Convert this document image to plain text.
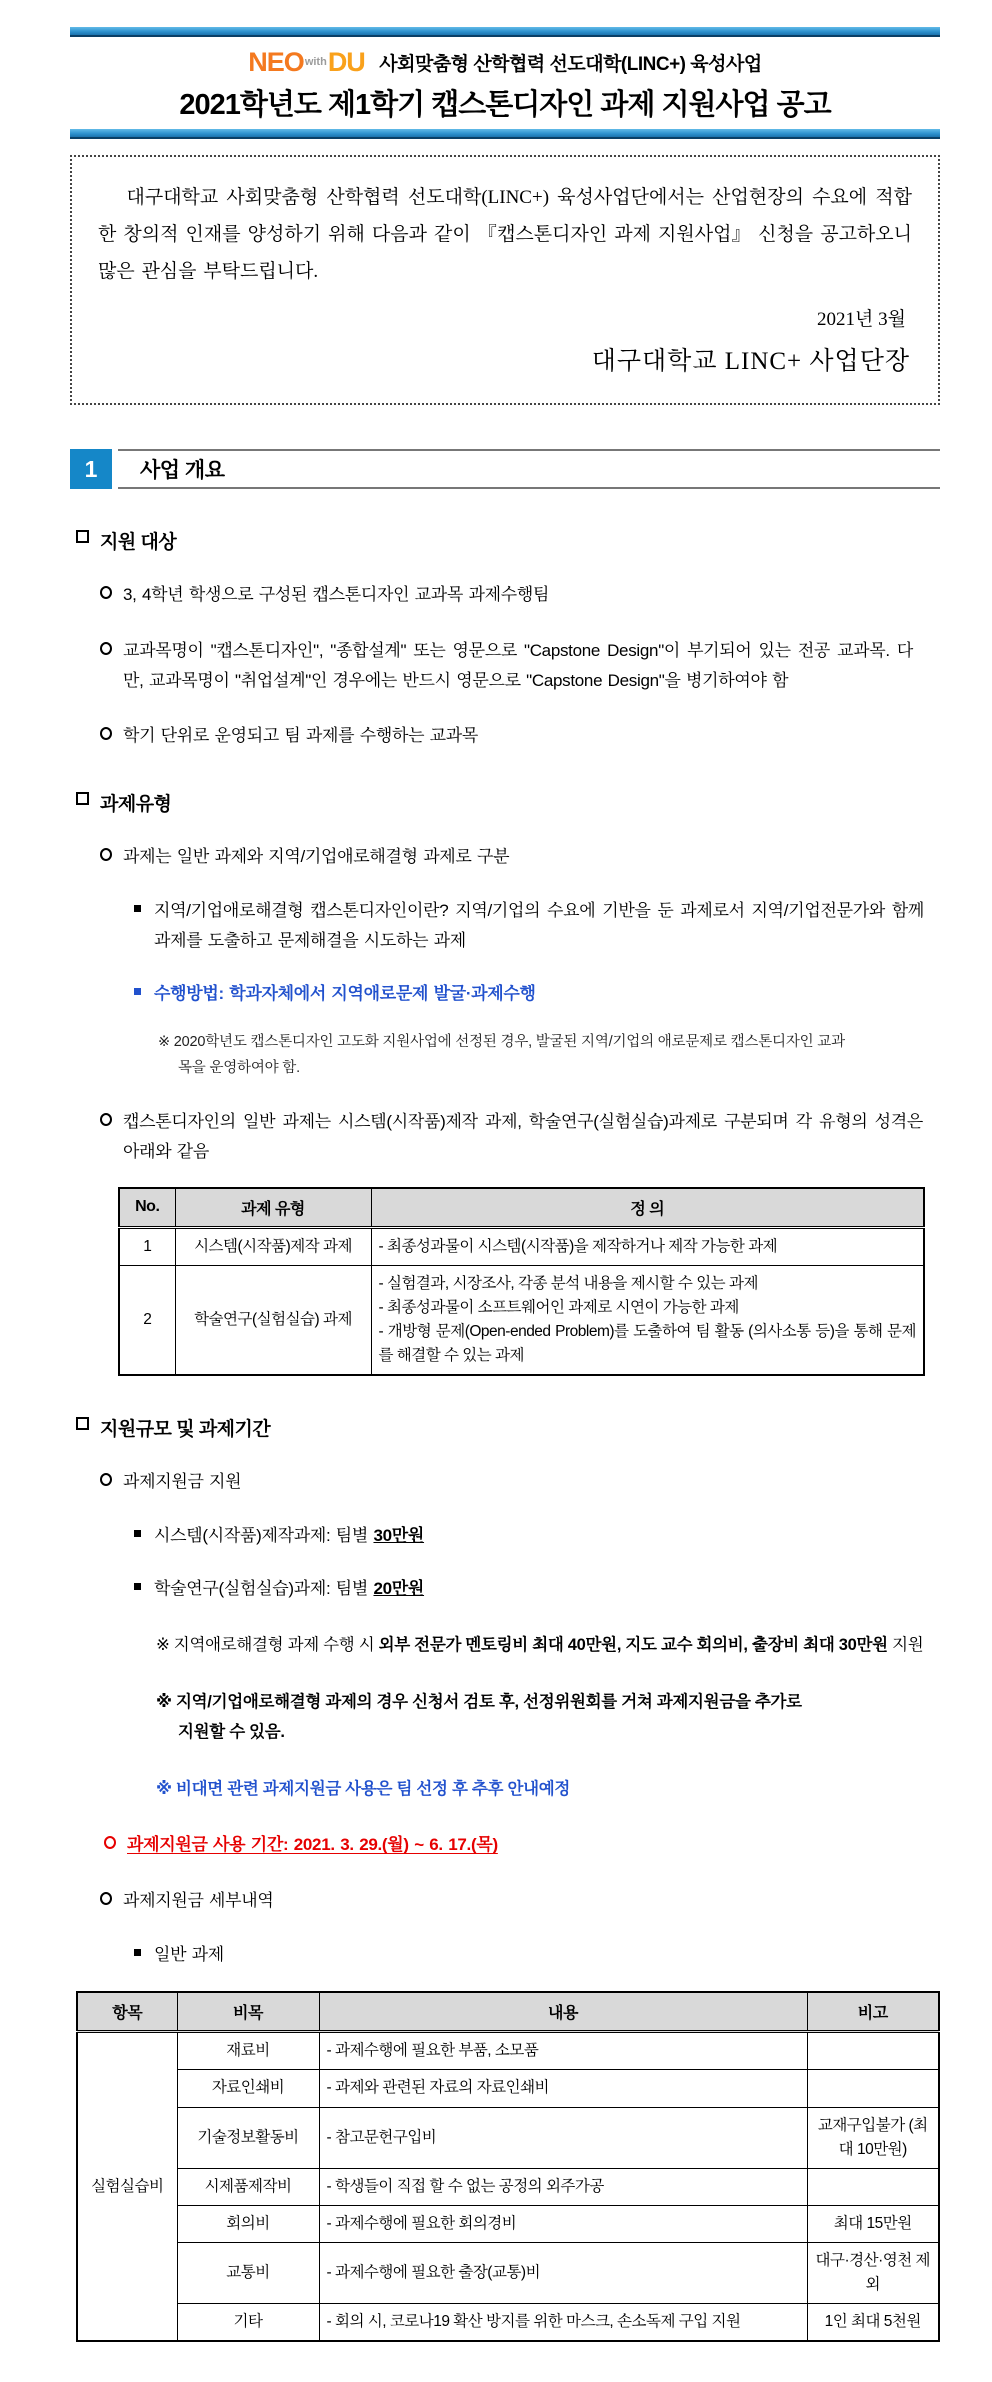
$NEO^{with}DU$ 사회맞춤형 산학협력 선도대학(LINC+) 육성사업
2021학년도 제1학기 캡스톤디자인 과제 지원사업 공고
대구대학교 사회맞춤형 산학협력 선도대학(LINC+) 육성사업단에서는 산업현장의 수요에 적합한 창의적 인재를 양성하기 위해 다음과 같이 『캡스톤디자인 과제 지원사업』 신청을 공고하오니 많은 관심을 부탁드립니다.
2021년 3월
대구대학교 LINC+ 사업단장
1	사업 개요
지원 대상
3, 4학년 학생으로 구성된 캡스톤디자인 교과목 과제수행팀
교과목명이 "캡스톤디자인", "종합설계" 또는 영문으로 "Capstone Design"이 부기되어 있는 전공 교과목. 다만, 교과목명이 "취업설계"인 경우에는 반드시 영문으로 "Capstone Design"을 병기하여야 함
학기 단위로 운영되고 팀 과제를 수행하는 교과목
과제유형
과제는 일반 과제와 지역/기업애로해결형 과제로 구분
지역/기업애로해결형 캡스톤디자인이란? 지역/기업의 수요에 기반을 둔 과제로서 지역/기업전문가와 함께 과제를 도출하고 문제해결을 시도하는 과제
수행방법: 학과자체에서 지역애로문제 발굴·과제수행
※ 2020학년도 캡스톤디자인 고도화 지원사업에 선정된 경우, 발굴된 지역/기업의 애로문제로 캡스톤디자인 교과목을 운영하여야 함.
캡스톤디자인의 일반 과제는 시스템(시작품)제작 과제, 학술연구(실험실습)과제로 구분되며 각 유형의 성격은 아래와 같음
No.	과제 유형	정 의
1	시스템(시작품)제작 과제	- 최종성과물이 시스템(시작품)을 제작하거나 제작 가능한 과제

2	학술연구(실험실습) 과제	- 실험결과, 시장조사, 각종 분석 내용을 제시할 수 있는 과제
- 최종성과물이 소프트웨어인 과제로 시연이 가능한 과제
- 개방형 문제(Open-ended Problem)를 도출하여 팀 활동 (의사소통 등)을 통해 문제를 해결할 수 있는 과제
지원규모 및 과제기간
과제지원금 지원
시스템(시작품)제작과제: 팀별 30만원
학술연구(실험실습)과제: 팀별 20만원
※ 지역애로해결형 과제 수행 시 외부 전문가 멘토링비 최대 40만원, 지도 교수 회의비, 출장비 최대 30만원 지원
※ 지역/기업애로해결형 과제의 경우 신청서 검토 후, 선정위원회를 거쳐 과제지원금을 추가로 지원할 수 있음.
※ 비대면 관련 과제지원금 사용은 팀 선정 후 추후 안내예정
과제지원금 사용 기간: 2021. 3. 29.(월) ~ 6. 17.(목)
과제지원금 세부내역
일반 과제
항목	비목	내용	비고
실험실습비	재료비	- 과제수행에 필요한 부품, 소모품	
	자료인쇄비	- 과제와 관련된 자료의 자료인쇄비	
	기술정보활동비	- 참고문헌구입비	교재구입불가 (최대 10만원)
	시제품제작비	- 학생들이 직접 할 수 없는 공정의 외주가공	
	회의비	- 과제수행에 필요한 회의경비	최대 15만원
	교통비	- 과제수행에 필요한 출장(교통)비	대구·경산·영천 제외
	기타	- 회의 시, 코로나19 확산 방지를 위한 마스크, 손소독제 구입 지원	1인 최대 5천원
